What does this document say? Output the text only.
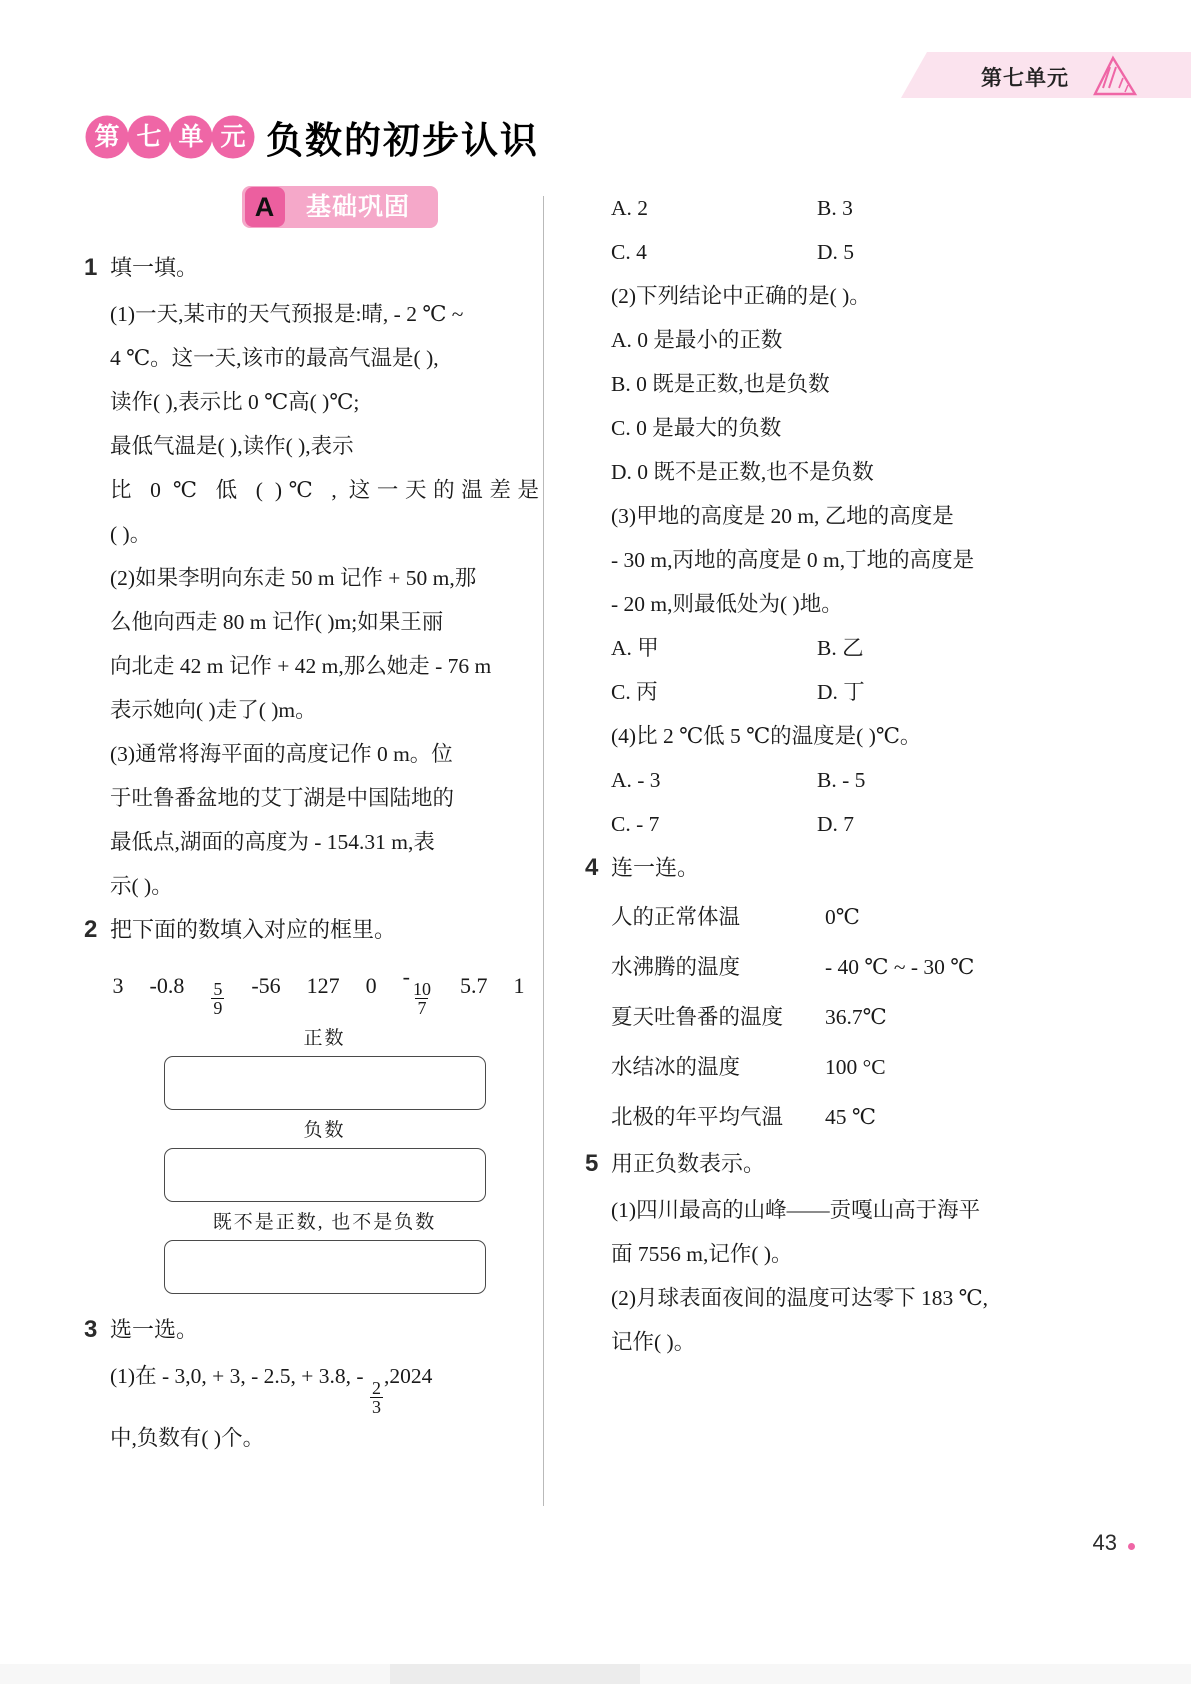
第七单元
第 七 单 元 负数的初步认识
A	基础巩固
1 填一填。
(1)一天,某市的天气预报是:晴, - 2 ℃ ~
4 ℃。这一天,该市的最高气温是( ),
读作( ),表示比 0 ℃高( )℃;
最低气温是( ),读作( ),表示
比 0 ℃ 低 ( )℃ , 这一天的温差是
( )。
(2)如果李明向东走 50 m 记作 + 50 m,那
么他向西走 80 m 记作( )m;如果王丽
向北走 42 m 记作 + 42 m,那么她走 - 76 m
表示她向( )走了( )m。
(3)通常将海平面的高度记作 0 m。位
于吐鲁番盆地的艾丁湖是中国陆地的
最低点,湖面的高度为 - 154.31 m,表
示( )。
2 把下面的数填入对应的框里。
3 $-0.8 \frac{5}{9} -56$ 127 0 -
$\frac{10}{7} 5.7$ 1
正数
负数
既不是正数, 也不是负数
3 选一选。
(1)在 - 3,0, + 3, - 2.5, + 3.8, -
$\frac{2}{3}$
,2024
中,负数有( )个。
A. 2	B. 3
C. 4	D. 5
(2)下列结论中正确的是( )。
A. 0 是最小的正数
B. 0 既是正数,也是负数
C. 0 是最大的负数
D. 0 既不是正数,也不是负数
(3)甲地的高度是 20 m, 乙地的高度是
- 30 m,丙地的高度是 0 m,丁地的高度是
- 20 m,则最低处为( )地。
A. 甲	B. 乙
C. 丙	D. 丁
(4)比 2 ℃低 5 ℃的温度是( )℃。
A. - 3	B. - 5
C. - 7	D. 7
4 连一连。
人的正常体温	0℃
水沸腾的温度	- 40 ℃ ~ - 30 ℃
夏天吐鲁番的温度	36.7℃
水结冰的温度	100 °C
北极的年平均气温	45 ℃
5 用正负数表示。
(1)四川最高的山峰——贡嘎山高于海平
面 7556 m,记作( )。
(2)月球表面夜间的温度可达零下 183 ℃,
记作( )。
43
